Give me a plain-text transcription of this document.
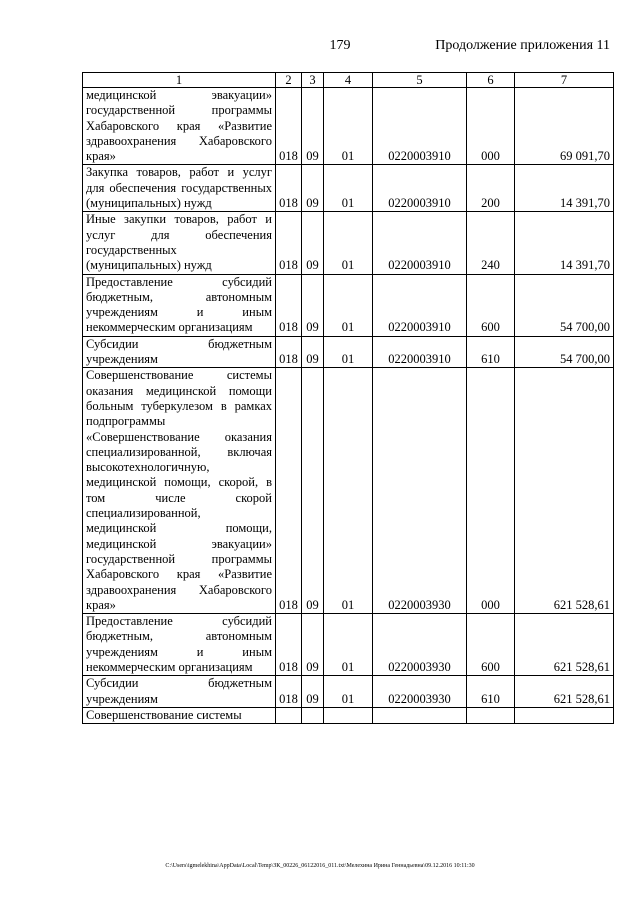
179	Продолжение приложения 11
1	2	3	4	5	6	7
медицинской эвакуации» государственной программы Хабаровского края «Развитие здравоохранения Хабаровского края»	018	09	01	0220003910	000	69 091,70
Закупка товаров, работ и услуг для обеспечения государственных (муниципальных) нужд	018	09	01	0220003910	200	14 391,70
Иные закупки товаров, работ и услуг для обеспечения государственных (муниципальных) нужд	018	09	01	0220003910	240	14 391,70
Предоставление субсидий бюджетным, автономным учреждениям и иным некоммерческим организациям	018	09	01	0220003910	600	54 700,00
Субсидии бюджетным учреждениям	018	09	01	0220003910	610	54 700,00
Совершенствование системы оказания медицинской помощи больным туберкулезом в рамках подпрограммы «Совершенствование оказания специализированной, включая высокотехнологичную, медицинской помощи, скорой, в том числе скорой специализированной, медицинской помощи, медицинской эвакуации» государственной программы Хабаровского края «Развитие здравоохранения Хабаровского края»	018	09	01	0220003930	000	621 528,61
Предоставление субсидий бюджетным, автономным учреждениям и иным некоммерческим организациям	018	09	01	0220003930	600	621 528,61
Субсидии бюджетным учреждениям	018	09	01	0220003930	610	621 528,61
Совершенствование системы						
C:\Users\igmelekhina\AppData\Local\Temp\ЗК_00226_06122016_011.txt\Мелехина Ирина Геннадьевна\09.12.2016 10:11:30
